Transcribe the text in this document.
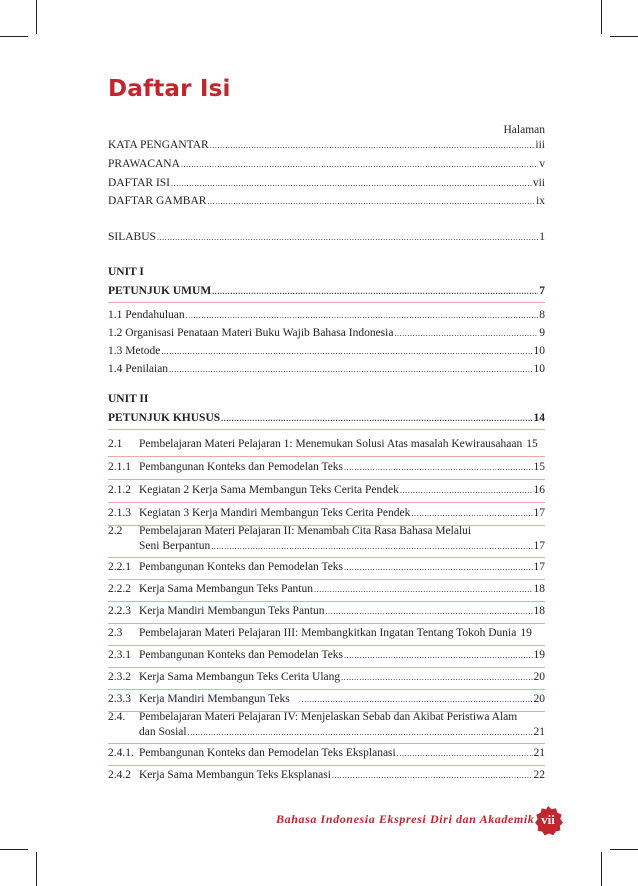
Daftar Isi
Halaman
KATA PENGANTAR .....	iii
PRAWACANA .....	v
DAFTAR ISI .....	vii
DAFTAR GAMBAR .....	ix
SILABUS .....	1
UNIT I
PETUNJUK UMUM .....	7
1.1 Pendahuluan .....	8
1.2 Organisasi Penataan Materi Buku Wajib Bahasa Indonesia .....	9
1.3 Metode .....	10
1.4 Penilaian .....	10
UNIT II
PETUNJUK KHUSUS .....	14
2.1	Pembelajaran Materi Pelajaran 1: Menemukan Solusi Atas masalah Kewirausahaan 15
2.1.1 Pembangunan Konteks dan Pemodelan Teks .....	15
2.1.2 Kegiatan 2 Kerja Sama Membangun Teks Cerita Pendek .....	16
2.1.3 Kegiatan 3 Kerja Mandiri Membangun Teks Cerita Pendek .....	17
2.2	Pembelajaran Materi Pelajaran II: Menambah Cita Rasa Bahasa Melalui
Seni Berpantun .....	17
2.2.1 Pembangunan Konteks dan Pemodelan Teks .....	17
2.2.2 Kerja Sama Membangun Teks Pantun .....	18
2.2.3 Kerja Mandiri Membangun Teks Pantun .....	18
2.3	Pembelajaran Materi Pelajaran III: Membangkitkan Ingatan Tentang Tokoh Dunia 19
2.3.1 Pembangunan Konteks dan Pemodelan Teks .....	19
2.3.2 Kerja Sama Membangun Teks Cerita Ulang .....	20
2.3.3 Kerja Mandiri Membangun Teks .....	20
2.4.	Pembelajaran Materi Pelajaran IV: Menjelaskan Sebab dan Akibat Peristiwa Alam
dan Sosial .....	21
2.4.1. Pembangunan Konteks dan Pemodelan Teks Eksplanasi .....	21
2.4.2 Kerja Sama Membangun Teks Eksplanasi .....	22
Bahasa Indonesia Ekspresi Diri dan Akademik vii
